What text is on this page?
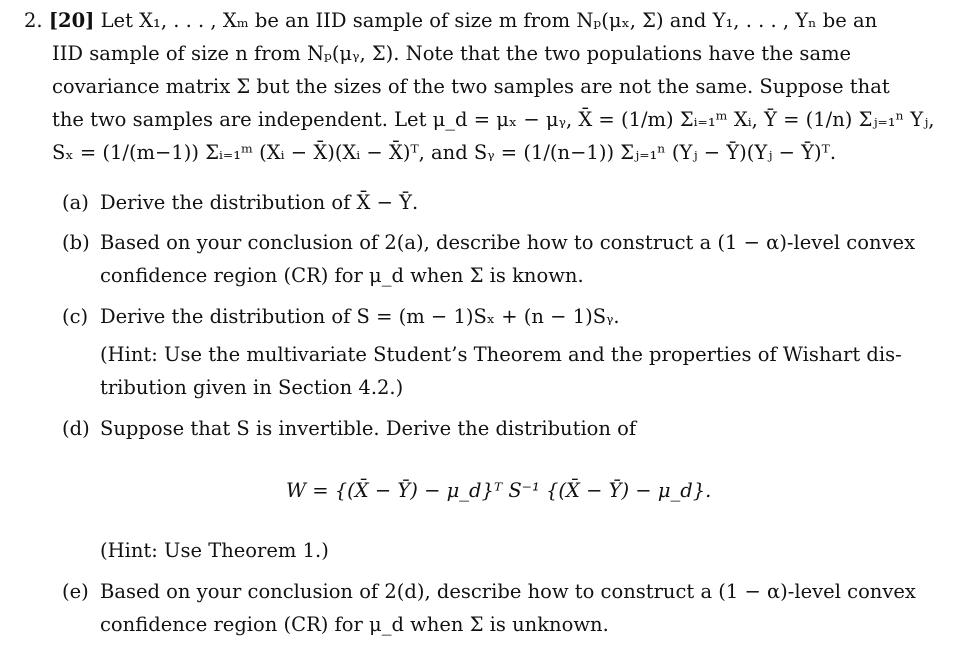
2. [20] Let X₁, . . . , Xₘ be an IID sample of size m from Nₚ(μₓ, Σ) and Y₁, . . . , Yₙ be an
IID sample of size n from Nₚ(μᵧ, Σ). Note that the two populations have the same
covariance matrix Σ but the sizes of the two samples are not the same. Suppose that
the two samples are independent. Let μ_d = μₓ − μᵧ, X̄ = (1/m) Σᵢ₌₁ᵐ Xᵢ, Ȳ = (1/n) Σⱼ₌₁ⁿ Yⱼ,
Sₓ = (1/(m−1)) Σᵢ₌₁ᵐ (Xᵢ − X̄)(Xᵢ − X̄)ᵀ, and Sᵧ = (1/(n−1)) Σⱼ₌₁ⁿ (Yⱼ − Ȳ)(Yⱼ − Ȳ)ᵀ.
(a) Derive the distribution of X̄ − Ȳ.
(b) Based on your conclusion of 2(a), describe how to construct a (1 − α)-level convex
confidence region (CR) for μ_d when Σ is known.
(c) Derive the distribution of S = (m − 1)Sₓ + (n − 1)Sᵧ.
(Hint: Use the multivariate Student’s Theorem and the properties of Wishart dis-
tribution given in Section 4.2.)
(d) Suppose that S is invertible. Derive the distribution of
W = {(X̄ − Ȳ) − μ_d}ᵀ S⁻¹ {(X̄ − Ȳ) − μ_d}.
(Hint: Use Theorem 1.)
(e) Based on your conclusion of 2(d), describe how to construct a (1 − α)-level convex
confidence region (CR) for μ_d when Σ is unknown.
